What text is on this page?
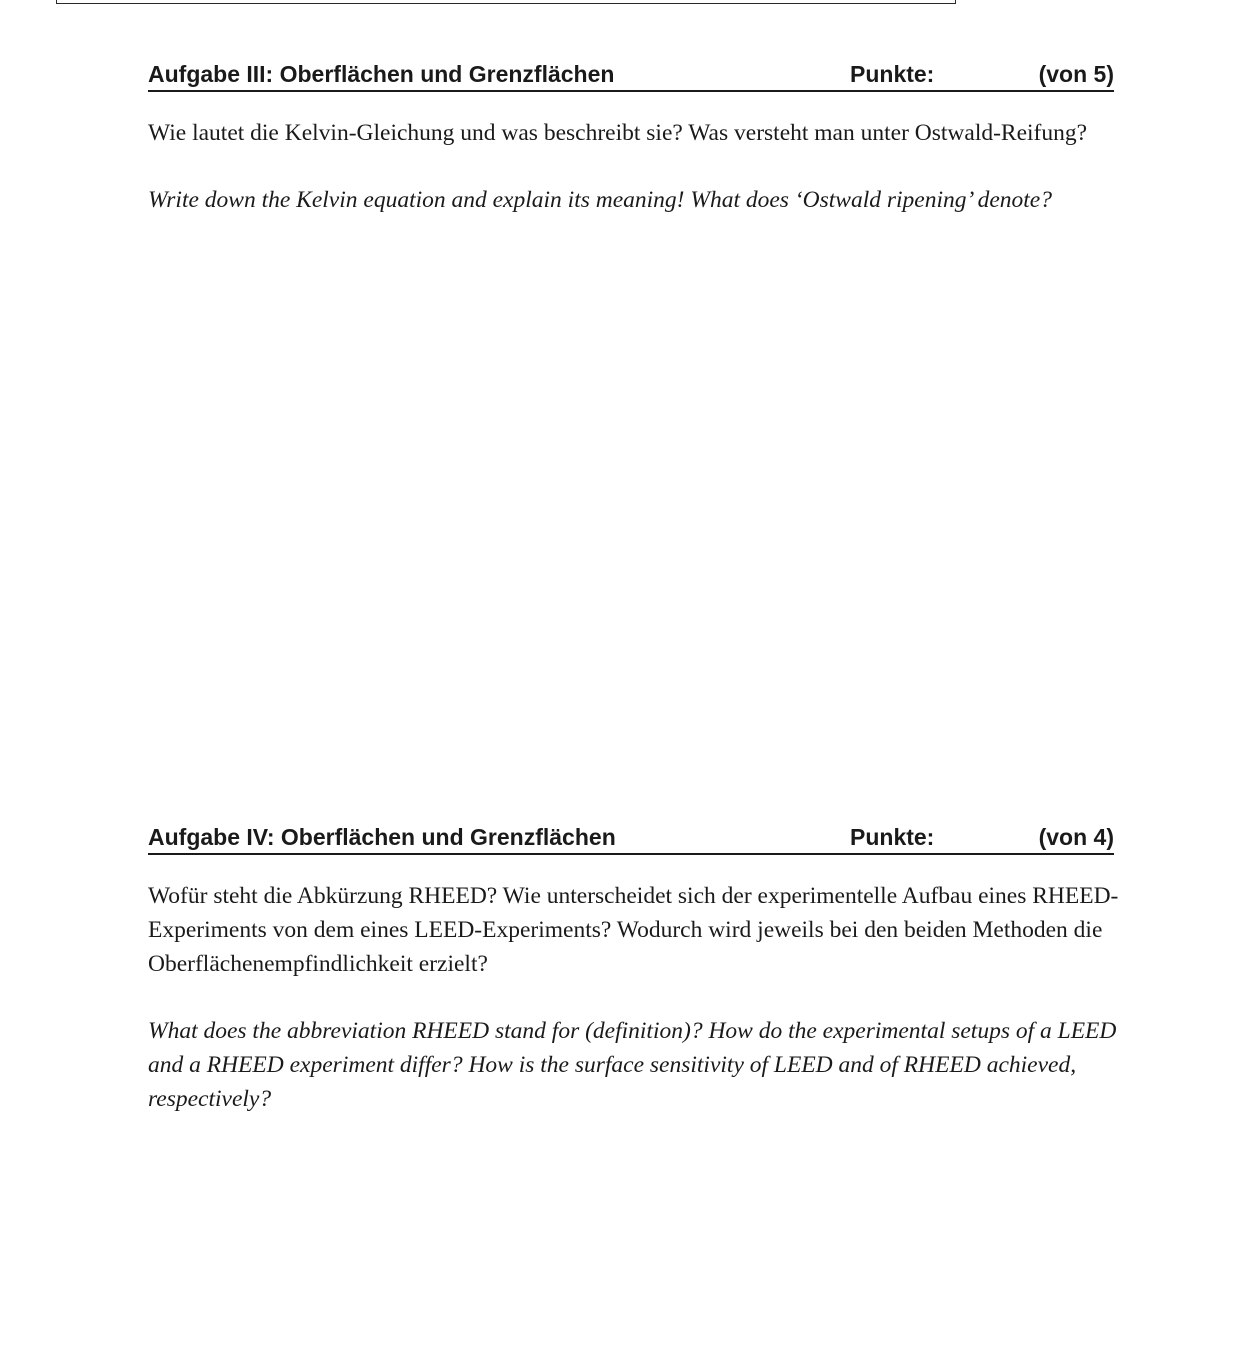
Aufgabe III: Oberflächen und Grenzflächen	Punkte:	(von 5)

Wie lautet die Kelvin-Gleichung und was beschreibt sie? Was versteht man unter Ostwald-Reifung?

Write down the Kelvin equation and explain its meaning! What does ‘Ostwald ripening’ denote?

Aufgabe IV: Oberflächen und Grenzflächen	Punkte:	(von 4)

Wofür steht die Abkürzung RHEED? Wie unterscheidet sich der experimentelle Aufbau eines RHEED-Experiments von dem eines LEED-Experiments? Wodurch wird jeweils bei den beiden Methoden die Oberflächenempfindlichkeit erzielt?

What does the abbreviation RHEED stand for (definition)? How do the experimental setups of a LEED and a RHEED experiment differ? How is the surface sensitivity of LEED and of RHEED achieved, respectively?
